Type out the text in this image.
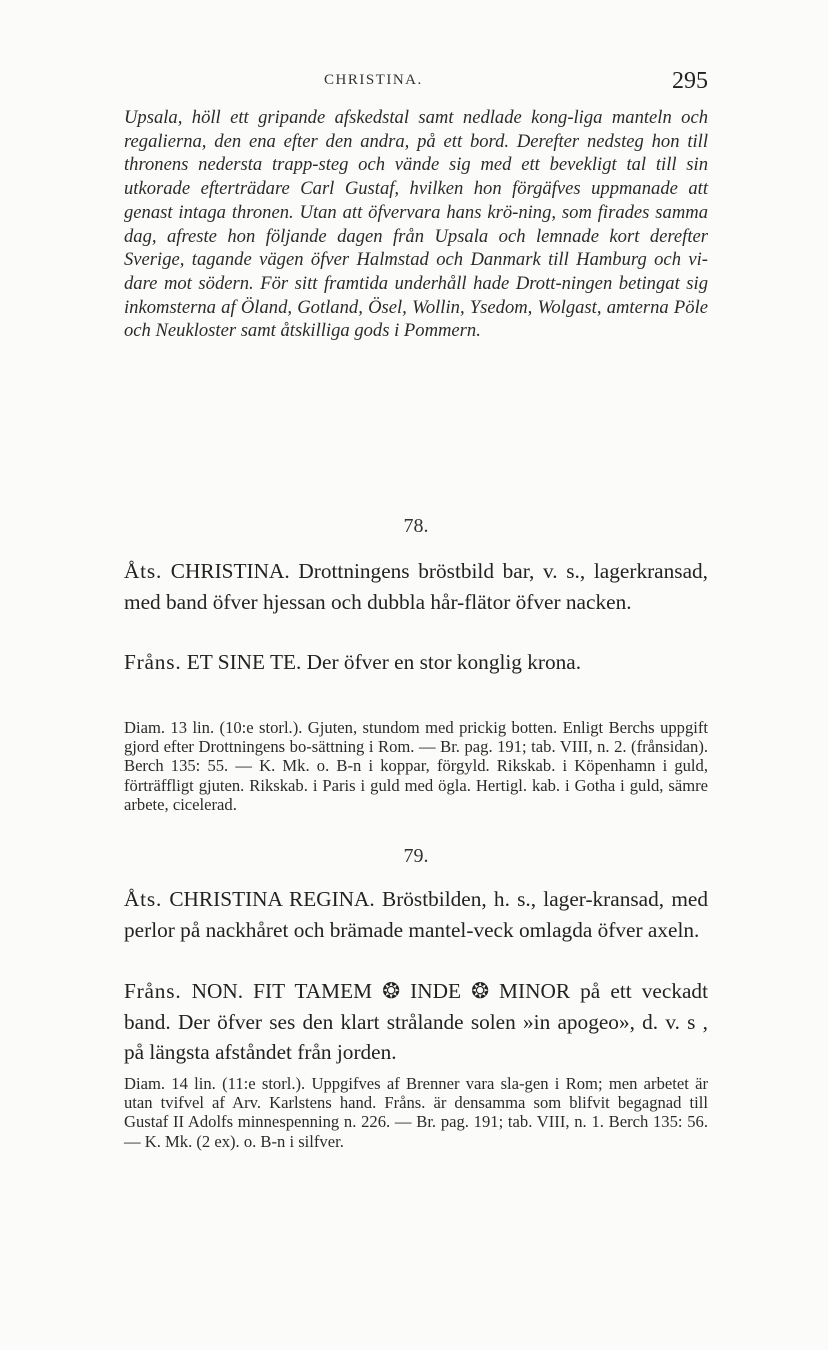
CHRISTINA.	295

Upsala, höll ett gripande afskedstal samt nedlade kong-liga manteln och regalierna, den ena efter den andra, på ett bord. Derefter nedsteg hon till thronens nedersta trapp-steg och vände sig med ett bevekligt tal till sin utkorade efterträdare Carl Gustaf, hvilken hon förgäfves uppmanade att genast intaga thronen. Utan att öfvervara hans krö-ning, som firades samma dag, afreste hon följande dagen från Upsala och lemnade kort derefter Sverige, tagande vägen öfver Halmstad och Danmark till Hamburg och vi-dare mot södern. För sitt framtida underhåll hade Drott-ningen betingat sig inkomsterna af Öland, Gotland, Ösel, Wollin, Ysedom, Wolgast, amterna Pöle och Neukloster samt åtskilliga gods i Pommern.

78.

Åts. CHRISTINA. Drottningens bröstbild bar, v. s., lagerkransad, med band öfver hjessan och dubbla hår-flätor öfver nacken.

Fråns. ET SINE TE. Der öfver en stor konglig krona.

Diam. 13 lin. (10:e storl.). Gjuten, stundom med prickig botten. Enligt Berchs uppgift gjord efter Drottningens bo-sättning i Rom. — Br. pag. 191; tab. VIII, n. 2. (frånsidan). Berch 135: 55. — K. Mk. o. B-n i koppar, förgyld. Rikskab. i Köpenhamn i guld, förträffligt gjuten. Rikskab. i Paris i guld med ögla. Hertigl. kab. i Gotha i guld, sämre arbete, cicelerad.

79.

Åts. CHRISTINA REGINA. Bröstbilden, h. s., lager-kransad, med perlor på nackhåret och brämade mantel-veck omlagda öfver axeln.

Fråns. NON. FIT TAMEM ❂ INDE ❂ MINOR på ett veckadt band. Der öfver ses den klart strålande solen »in apogeo», d. v. s , på längsta afståndet från jorden.

Diam. 14 lin. (11:e storl.). Uppgifves af Brenner vara sla-gen i Rom; men arbetet är utan tvifvel af Arv. Karlstens hand. Fråns. är densamma som blifvit begagnad till Gustaf II Adolfs minnespenning n. 226. — Br. pag. 191; tab. VIII, n. 1. Berch 135: 56. — K. Mk. (2 ex). o. B-n i silfver.
